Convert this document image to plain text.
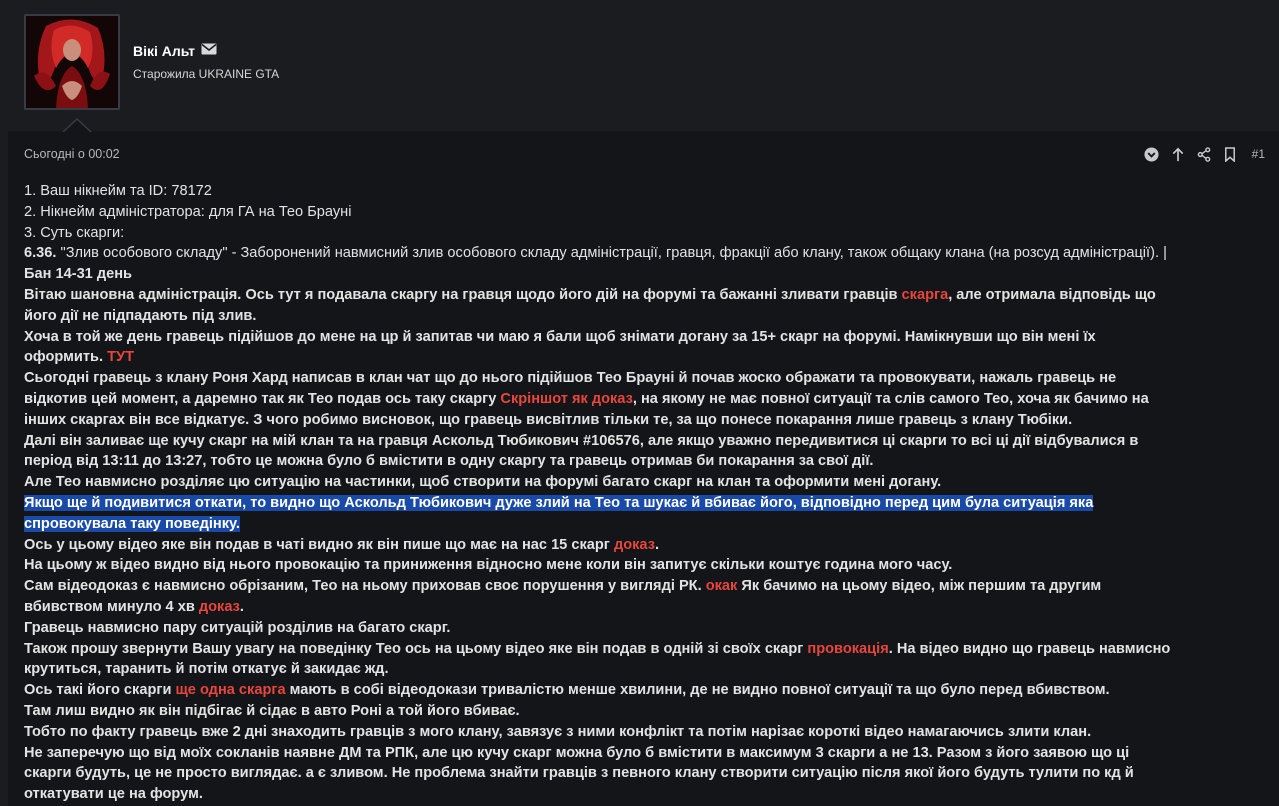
Вікі Альт
Старожила UKRAINE GTA
Сьогодні о 00:02	#1

1. Ваш нікнейм та ID: 78172

2. Нікнейм адміністратора: для ГА на Тео Брауні

3. Суть скарги:

6.36. "Злив особового складу" - Заборонений навмисний злив особового складу адміністрації, гравця, фракції або клану, також общаку клана (на розсуд адміністрації). |

Бан 14-31 день

Вітаю шановна адміністрація. Ось тут я подавала скаргу на гравця щодо його дій на форумі та бажанні зливати гравців скарга, але отримала відповідь що

його дії не підпадають під злив.

Хоча в той же день гравець підійшов до мене на цр й запитав чи маю я бали щоб знімати догану за 15+ скарг на форумі. Намікнувши що він мені їх

оформить. ТУТ

Сьогодні гравець з клану Роня Хард написав в клан чат що до нього підійшов Тео Брауні й почав жоско ображати та провокувати, нажаль гравець не

відкотив цей момент, а даремно так як Тео подав ось таку скаргу Скріншот як доказ, на якому не має повної ситуації та слів самого Тео, хоча як бачимо на

інших скаргах він все відкатує. З чого робимо висновок, що гравець висвітлив тільки те, за що понесе покарання лише гравець з клану Тюбіки.

Далі він заливає ще кучу скарг на мій клан та на гравця Аскольд Тюбикович #106576, але якщо уважно передивитися ці скарги то всі ці дії відбувалися в

період від 13:11 до 13:27, тобто це можна було б вмістити в одну скаргу та гравець отримав би покарання за свої дії.

Але Тео навмисно розділяє цю ситуацію на частинки, щоб створити на форумі багато скарг на клан та оформити мені догану.

Якщо ще й подивитися откати, то видно що Аскольд Тюбикович дуже злий на Тео та шукає й вбиває його, відповідно перед цим була ситуація яка

спровокувала таку поведінку.

Ось у цьому відео яке він подав в чаті видно як він пише що має на нас 15 скарг доказ.

На цьому ж відео видно від нього провокацію та приниження відносно мене коли він запитує скільки коштує година мого часу.

Сам відеодоказ є навмисно обрізаним, Тео на ньому приховав своє порушення у вигляді РК. окак Як бачимо на цьому відео, між першим та другим

вбивством минуло 4 хв доказ.

Гравець навмисно пару ситуацій розділив на багато скарг.

Також прошу звернути Вашу увагу на поведінку Тео ось на цьому відео яке він подав в одній зі своїх скарг провокація. На відео видно що гравець навмисно

крутиться, таранить й потім откатує й закидає жд.

Ось такі його скарги ще одна скарга мають в собі відеодокази тривалістю менше хвилини, де не видно повної ситуації та що було перед вбивством.

Там лиш видно як він підбігає й сідає в авто Роні а той його вбиває.

Тобто по факту гравець вже 2 дні знаходить гравців з мого клану, завязує з ними конфлікт та потім нарізає короткі відео намагаючись злити клан.

Не заперечую що від моїх сокланів наявне ДМ та РПК, але цю кучу скарг можна було б вмістити в максимум 3 скарги а не 13. Разом з його заявою що ці

скарги будуть, це не просто виглядає. а є зливом. Не проблема знайти гравців з певного клану створити ситуацію після якої його будуть тулити по кд й

откатувати це на форум.
